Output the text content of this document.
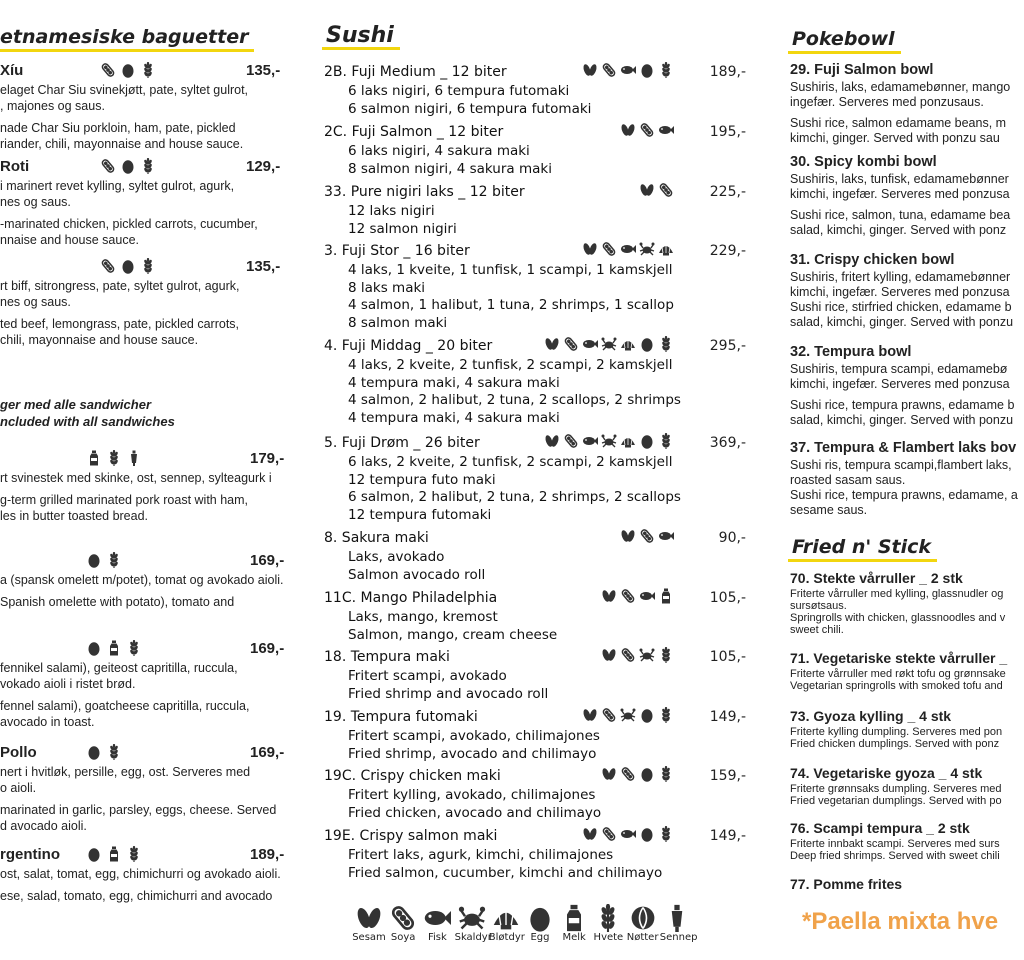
etnamesiske baguetter
Xíu	135,-
elaget Char Siu svinekjøtt, pate, syltet gulrot,
, majones og saus.
nade Char Siu porkloin, ham, pate, pickled
riander, chili, mayonnaise and house sauce.
Roti	129,-
i marinert revet kylling, syltet gulrot, agurk,
nes og saus.
-marinated chicken, pickled carrots, cucumber,
nnaise and house sauce.
135,-
rt biff, sitrongress, pate, syltet gulrot, agurk,
nes og saus.
ted beef, lemongrass, pate, pickled carrots,
chili, mayonnaise and house sauce.
ger med alle sandwicher
ncluded with all sandwiches
179,-
rt svinestek med skinke, ost, sennep, sylteagurk i
g-term grilled marinated pork roast with ham,
les in butter toasted bread.
169,-
a (spansk omelett m/potet), tomat og avokado aioli.
Spanish omelette with potato), tomato and
169,-
fennikel salami), geiteost capritilla, ruccula,
vokado aioli i ristet brød.
fennel salami), goatcheese capritilla, ruccula,
avocado in toast.
Pollo	169,-
nert i hvitløk, persille, egg, ost. Serveres med
o aioli.
marinated in garlic, parsley, eggs, cheese. Served
d avocado aioli.
rgentino	189,-
ost, salat, tomat, egg, chimichurri og avokado aioli.
ese, salad, tomato, egg, chimichurri and avocado
Sushi
2B. Fuji Medium _ 12 biter	189,-
6 laks nigiri, 6 tempura futomaki
6 salmon nigiri, 6 tempura futomaki
2C. Fuji Salmon _ 12 biter	195,-
6 laks nigiri, 4 sakura maki
8 salmon nigiri, 4 sakura maki
33. Pure nigiri laks _ 12 biter	225,-
12 laks nigiri
12 salmon nigiri
3. Fuji Stor _ 16 biter	229,-
4 laks, 1 kveite, 1 tunfisk, 1 scampi, 1 kamskjell
8 laks maki
4 salmon, 1 halibut, 1 tuna, 2 shrimps, 1 scallop
8 salmon maki
4. Fuji Middag _ 20 biter	295,-
4 laks, 2 kveite, 2 tunfisk, 2 scampi, 2 kamskjell
4 tempura maki, 4 sakura maki
4 salmon, 2 halibut, 2 tuna, 2 scallops, 2 shrimps
4 tempura maki, 4 sakura maki
5. Fuji Drøm _ 26 biter	369,-
6 laks, 2 kveite, 2 tunfisk, 2 scampi, 2 kamskjell
12 tempura futo maki
6 salmon, 2 halibut, 2 tuna, 2 shrimps, 2 scallops
12 tempura futomaki
8. Sakura maki	90,-
Laks, avokado
Salmon avocado roll
11C. Mango Philadelphia	105,-
Laks, mango, kremost
Salmon, mango, cream cheese
18. Tempura maki	105,-
Fritert scampi, avokado
Fried shrimp and avocado roll
19. Tempura futomaki	149,-
Fritert scampi, avokado, chilimajones
Fried shrimp, avocado and chilimayo
19C. Crispy chicken maki	159,-
Fritert kylling, avokado, chilimajones
Fried chicken, avocado and chilimayo
19E. Crispy salmon maki	149,-
Fritert laks, agurk, kimchi, chilimajones
Fried salmon, cucumber, kimchi and chilimayo
Sesam Soya	Fisk Skaldyr
Bløtdyr Egg	Melk Hvete Nøtter Sennep
Pokebowl
29. Fuji Salmon bowl
Sushiris, laks, edamamebønner, mango
ingefær. Serveres med ponzusaus.
Sushi rice, salmon edamame beans, m
kimchi, ginger. Served with ponzu sau
30. Spicy kombi bowl
Sushiris, laks, tunfisk, edamamebønner
kimchi, ingefær. Serveres med ponzusa
Sushi rice, salmon, tuna, edamame bea
salad, kimchi, ginger. Served with ponz
31. Crispy chicken bowl
Sushiris, fritert kylling, edamamebønner
kimchi, ingefær. Serveres med ponzusa
Sushi rice, stirfried chicken, edamame b
salad, kimchi, ginger. Served with ponzu
32. Tempura bowl
Sushiris, tempura scampi, edamamebø
kimchi, ingefær. Serveres med ponzusa
Sushi rice, tempura prawns, edamame b
salad, kimchi, ginger. Served with ponzu
37. Tempura & Flambert laks bov
Sushi ris, tempura scampi,flambert laks,
roasted sasam saus.
Sushi rice, tempura prawns, edamame, a
sesame saus.
Fried n' Stick
70. Stekte vårruller _ 2 stk
Friterte vårruller med kylling, glassnudler og
sursøtsaus.
Springrolls with chicken, glassnoodles and v
sweet chili.
71. Vegetariske stekte vårruller _
Friterte vårruller med røkt tofu og grønnsake
Vegetarian springrolls with smoked tofu and
73. Gyoza kylling _ 4 stk
Friterte kylling dumpling. Serveres med pon
Fried chicken dumplings. Served with ponz
74. Vegetariske gyoza _ 4 stk
Friterte grønnsaks dumpling. Serveres med
Fried vegetarian dumplings. Served with po
76. Scampi tempura _ 2 stk
Friterte innbakt scampi. Serveres med surs
Deep fried shrimps. Served with sweet chili
77. Pomme frites
*Paella mixta hve
